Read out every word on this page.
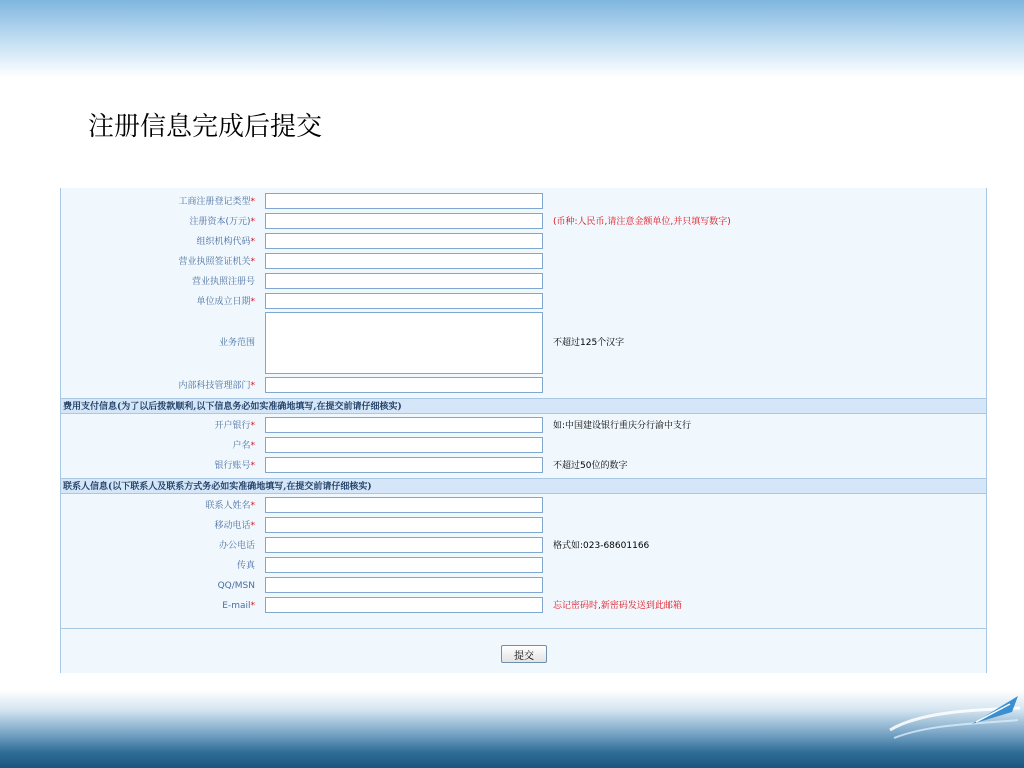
注册信息完成后提交
工商注册登记类型*
注册资本(万元)*	(币种:人民币,请注意金额单位,并只填写数字)
组织机构代码*
营业执照签证机关*
营业执照注册号
单位成立日期*
业务范围	不超过125个汉字
内部科技管理部门*
费用支付信息(为了以后拨款顺利,以下信息务必如实准确地填写,在提交前请仔细核实)
开户银行*	如:中国建设银行重庆分行渝中支行
户名*
银行账号*	不超过50位的数字
联系人信息(以下联系人及联系方式务必如实准确地填写,在提交前请仔细核实)
联系人姓名*
移动电话*
办公电话	格式如:023-68601166
传真
QQ/MSN
E-mail*	忘记密码时,新密码发送到此邮箱
提交
